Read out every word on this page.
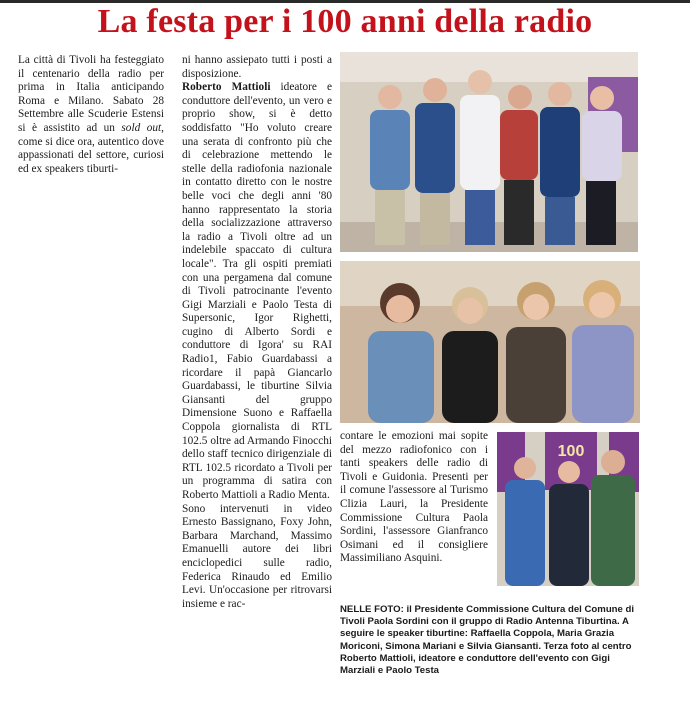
La festa per i 100 anni della radio

La città di Tivoli ha festeggiato il centenario della radio per prima in Italia anticipando Roma e Milano. Sabato 28 Settembre alle Scuderie Estensi si è assistito ad un sold out, come si dice ora, autentico dove appassionati del settore, curiosi ed ex speakers tiburti-

ni hanno assiepato tutti i posti a disposizione.

Roberto Mattioli ideatore e conduttore dell'evento, un vero e proprio show, si è detto soddisfatto "Ho voluto creare una serata di confronto più che di celebrazione mettendo le stelle della radiofonia nazionale in contatto diretto con le nostre belle voci che degli anni '80 hanno rappresentato la storia della socializzazione attraverso la radio a Tivoli oltre ad un indelebile spaccato di cultura locale". Tra gli ospiti premiati con una pergamena dal comune di Tivoli patrocinante l'evento Gigi Marziali e Paolo Testa di Supersonic, Igor Righetti, cugino di Alberto Sordi e conduttore di Igora' su RAI Radio1, Fabio Guardabassi a ricordare il papà Giancarlo Guardabassi, le tiburtine Silvia Giansanti del gruppo Dimensione Suono e Raffaella Coppola giornalista di RTL 102.5 oltre ad Armando Finocchi dello staff tecnico dirigenziale di RTL 102.5 ricordato a Tivoli per un programma di satira con Roberto Mattioli a Radio Menta.

Sono intervenuti in video Ernesto Bassignano, Foxy John, Barbara Marchand, Massimo Emanuelli autore dei libri enciclopedici sulle radio, Federica Rinaudo ed Emilio Levi. Un'occasione per ritrovarsi insieme e rac-

contare le emozioni mai sopite del mezzo radiofonico con i tanti speakers delle radio di Tivoli e Guidonia. Presenti per il comune l'assessore al Turismo Clizia Lauri, la Presidente Commissione Cultura Paola Sordini, l'assessore Gianfranco Osimani ed il consigliere Massimiliano Asquini.

100
NELLE FOTO: il Presidente Commissione Cultura del Comune di Tivoli Paola Sordini con il gruppo di Radio Antenna Tiburtina. A seguire le speaker tiburtine: Raffaella Coppola, Maria Grazia Moriconi, Simona Mariani e Silvia Giansanti. Terza foto al centro Roberto Mattioli, ideatore e conduttore dell'evento con Gigi Marziali e Paolo Testa
